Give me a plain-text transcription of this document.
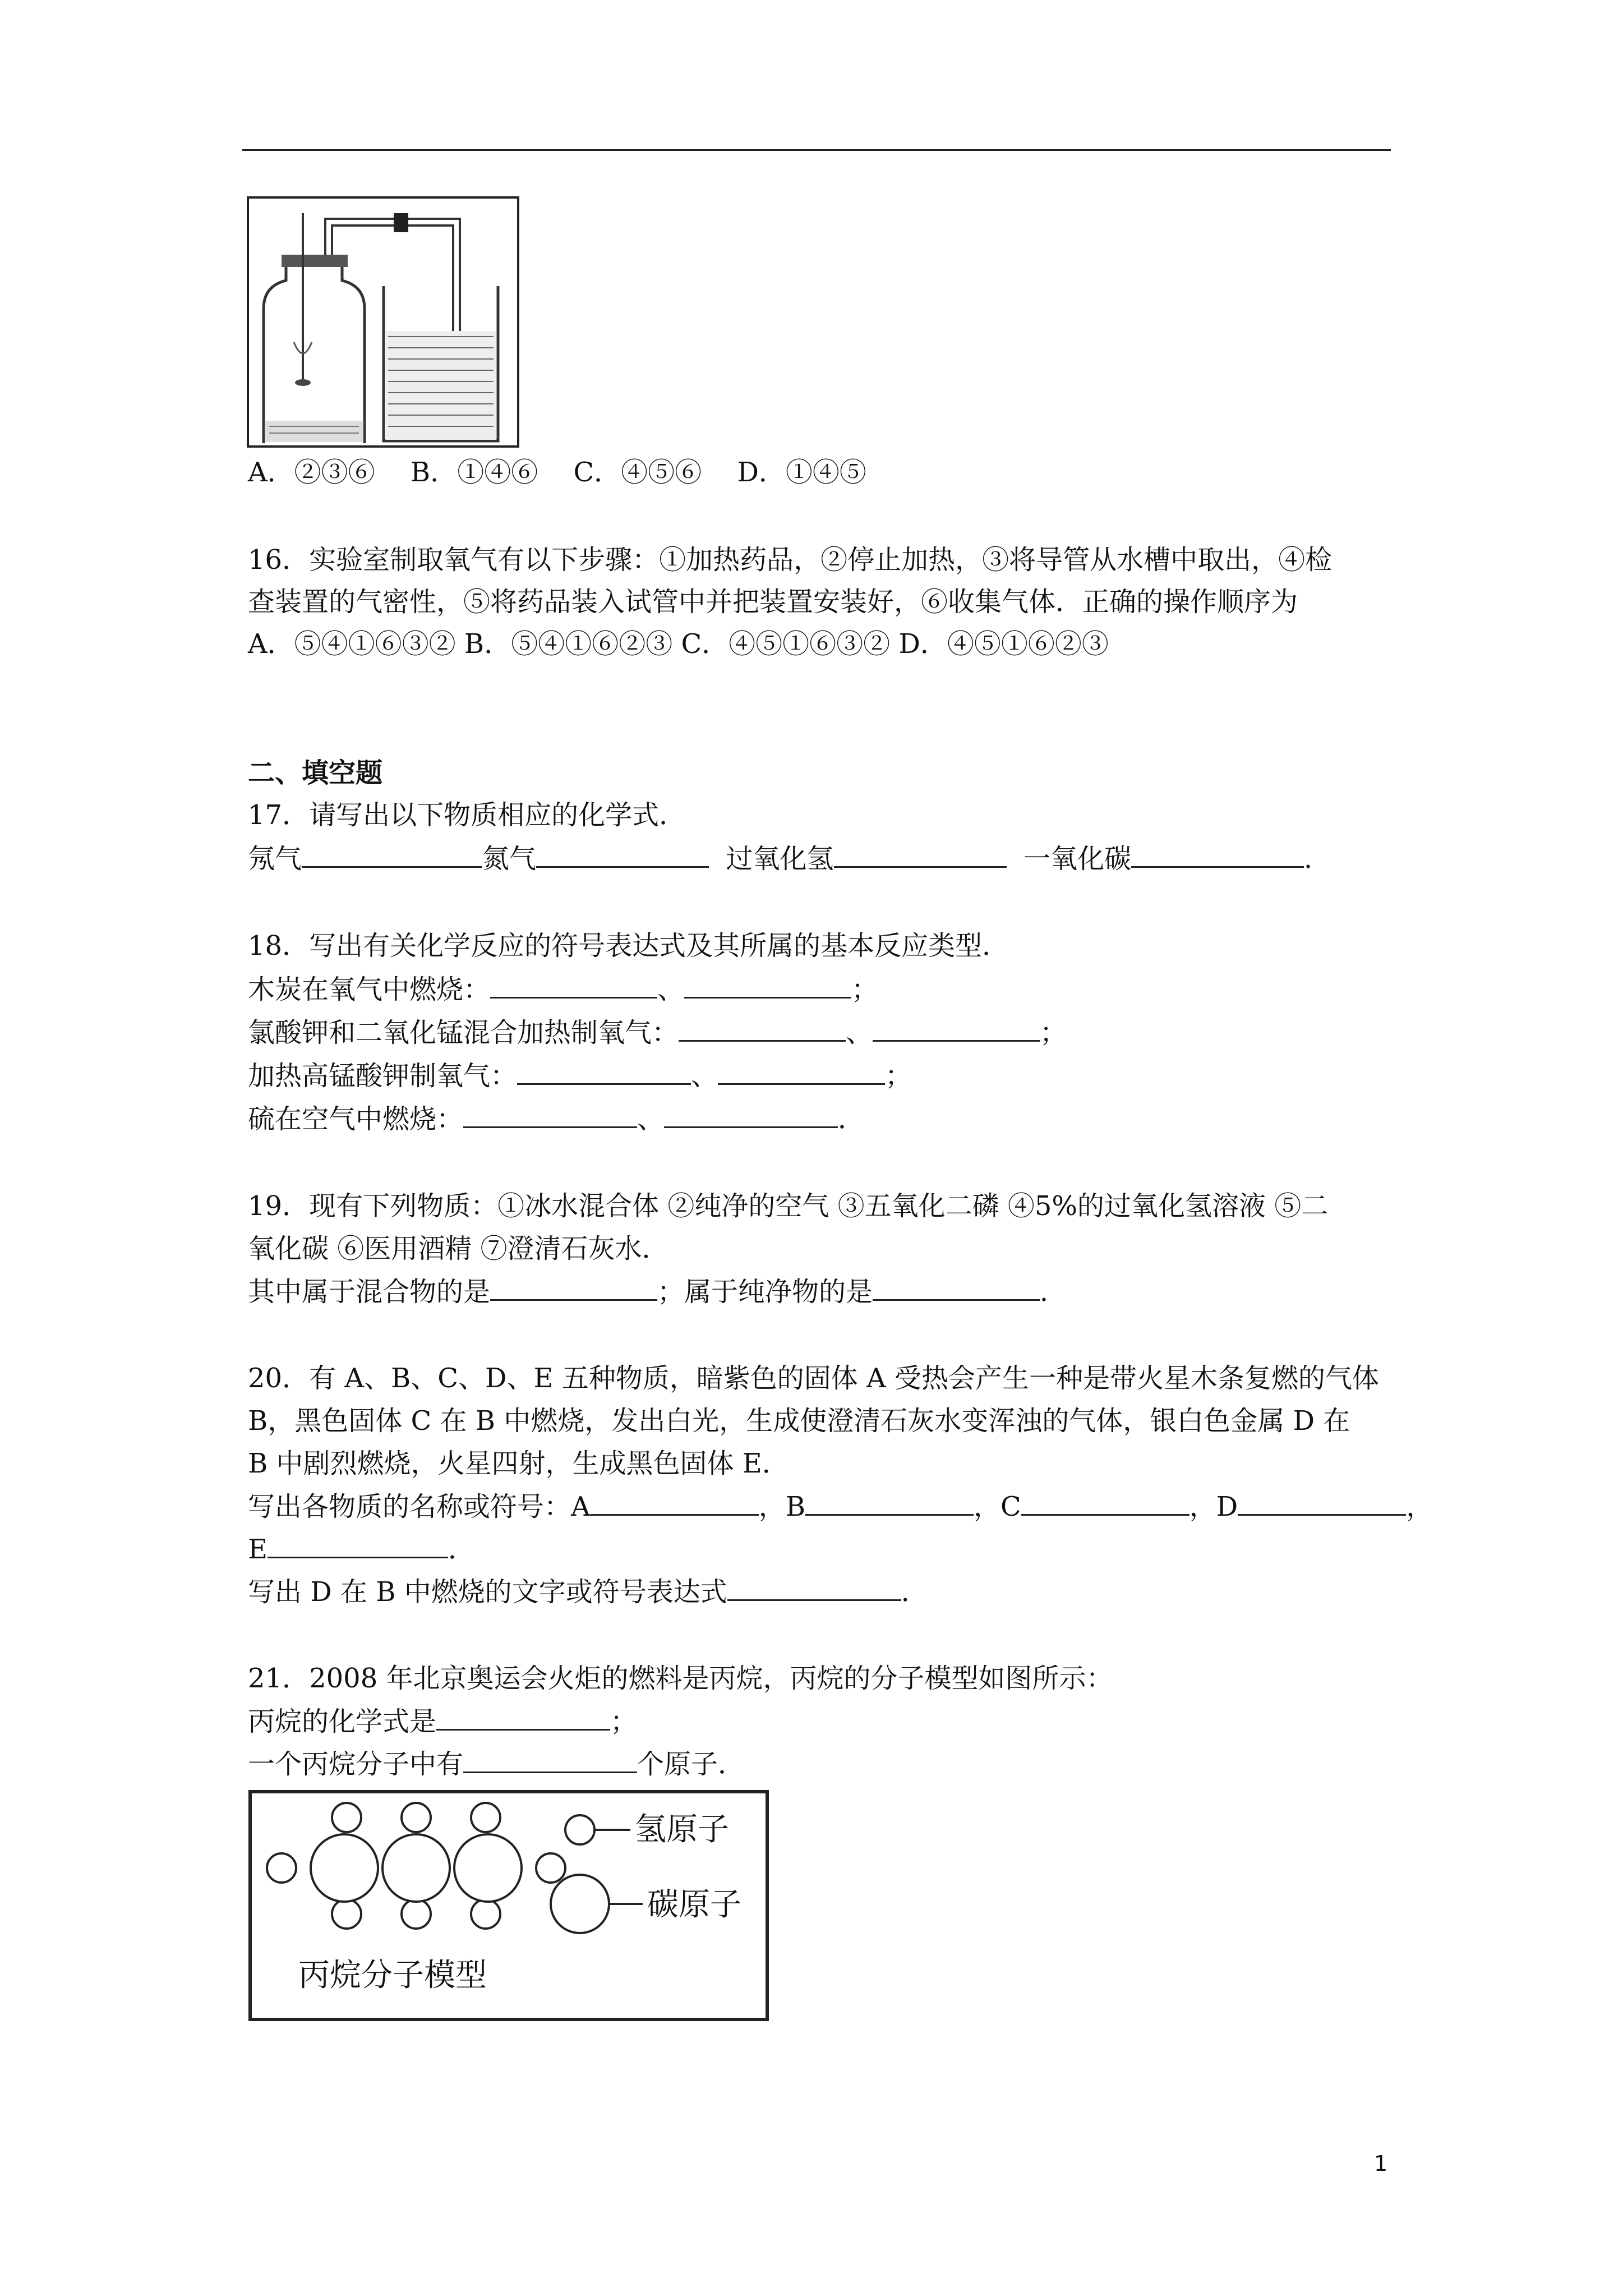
A．②③⑥　 B．①④⑥　 C．④⑤⑥　 D．①④⑤
16．实验室制取氧气有以下步骤：①加热药品，②停止加热，③将导管从水槽中取出，④检
查装置的气密性，⑤将药品装入试管中并把装置安装好，⑥收集气体．正确的操作顺序为
A．⑤④①⑥③② B．⑤④①⑥②③ C．④⑤①⑥③② D．④⑤①⑥②③
二、填空题
17．请写出以下物质相应的化学式．
氖气	氮气	过氧化氢	一氧化碳	．
18．写出有关化学反应的符号表达式及其所属的基本反应类型．
木炭在氧气中燃烧：	、	；
氯酸钾和二氧化锰混合加热制氧气：	、	；
加热高锰酸钾制氧气：	、	；
硫在空气中燃烧：	、	．
19．现有下列物质：①冰水混合体 ②纯净的空气 ③五氧化二磷 ④5%的过氧化氢溶液 ⑤二
氧化碳 ⑥医用酒精 ⑦澄清石灰水．
其中属于混合物的是	；属于纯净物的是	．
20．有 A、B、C、D、E 五种物质，暗紫色的固体 A 受热会产生一种是带火星木条复燃的气体
B，黑色固体 C 在 B 中燃烧，发出白光，生成使澄清石灰水变浑浊的气体，银白色金属 D 在
B 中剧烈燃烧，火星四射，生成黑色固体 E．
写出各物质的名称或符号：A	，B	，C	，D	，
E	．
写出 D 在 B 中燃烧的文字或符号表达式	．
21．2008 年北京奥运会火炬的燃料是丙烷，丙烷的分子模型如图所示：
丙烷的化学式是	；
一个丙烷分子中有	个原子．
氢原子
碳原子
丙烷分子模型
1
